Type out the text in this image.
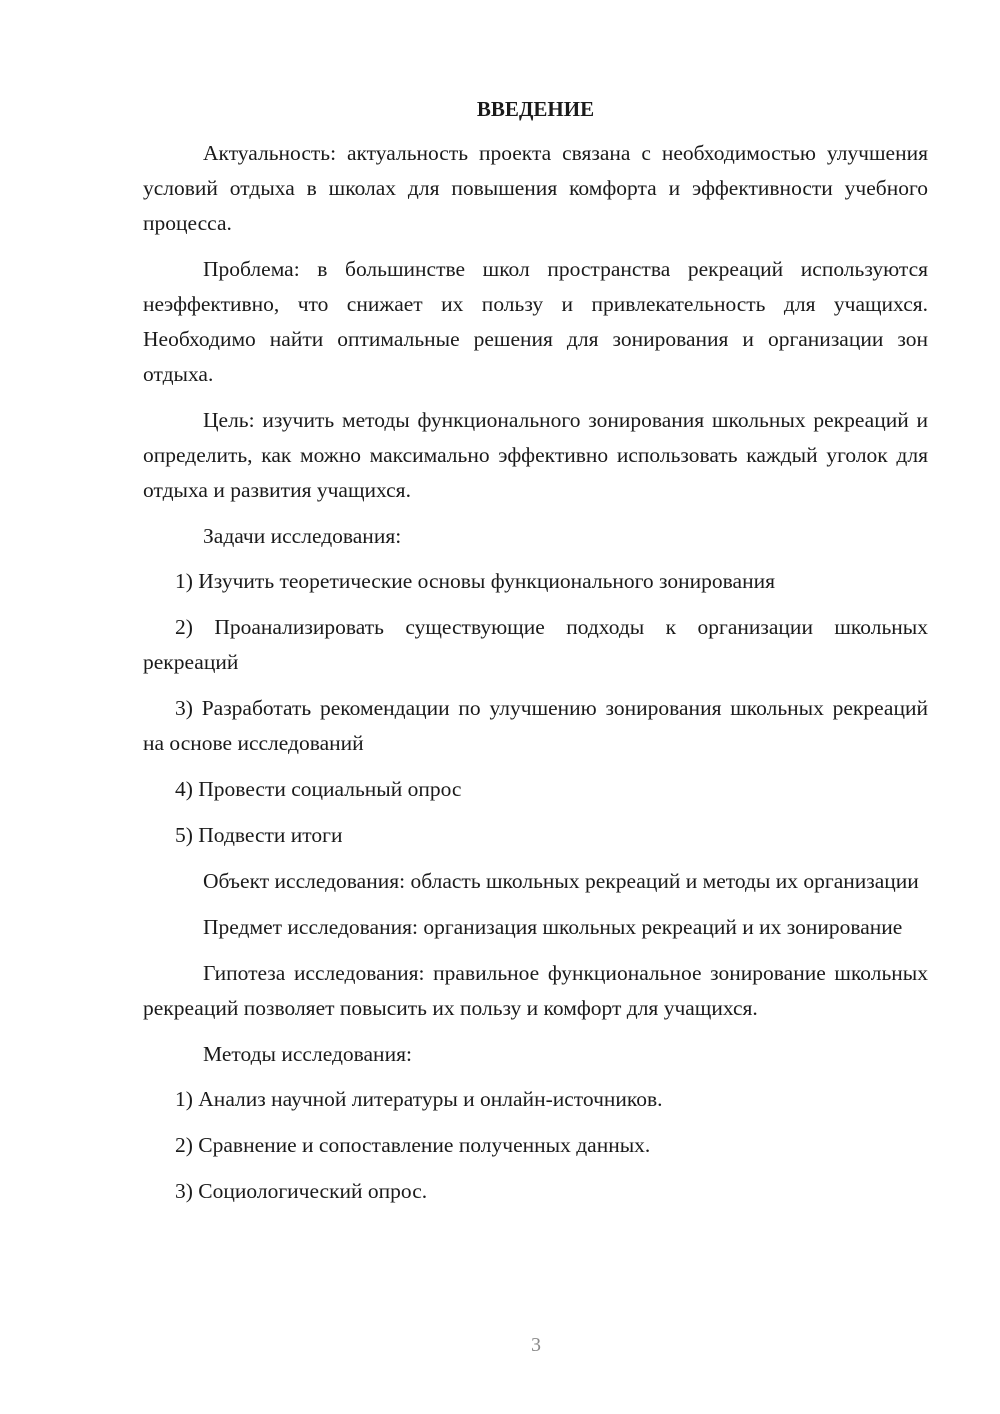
ВВЕДЕНИЕ

Актуальность: актуальность проекта связана с необходимостью улучшения условий отдыха в школах для повышения комфорта и эффективности учебного процесса.

Проблема: в большинстве школ пространства рекреаций используются неэффективно, что снижает их пользу и привлекательность для учащихся. Необходимо найти оптимальные решения для зонирования и организации зон отдыха.

Цель: изучить методы функционального зонирования школьных рекреаций и определить, как можно максимально эффективно использовать каждый уголок для отдыха и развития учащихся.

Задачи исследования:

1) Изучить теоретические основы функционального зонирования

2) Проанализировать существующие подходы к организации школьных рекреаций

3) Разработать рекомендации по улучшению зонирования школьных рекреаций на основе исследований

4) Провести социальный опрос

5) Подвести итоги

Объект исследования: область школьных рекреаций и методы их организации

Предмет исследования: организация школьных рекреаций и их зонирование

Гипотеза исследования: правильное функциональное зонирование школьных рекреаций позволяет повысить их пользу и комфорт для учащихся.

Методы исследования:

1) Анализ научной литературы и онлайн-источников.

2) Сравнение и сопоставление полученных данных.

3) Социологический опрос.

3
